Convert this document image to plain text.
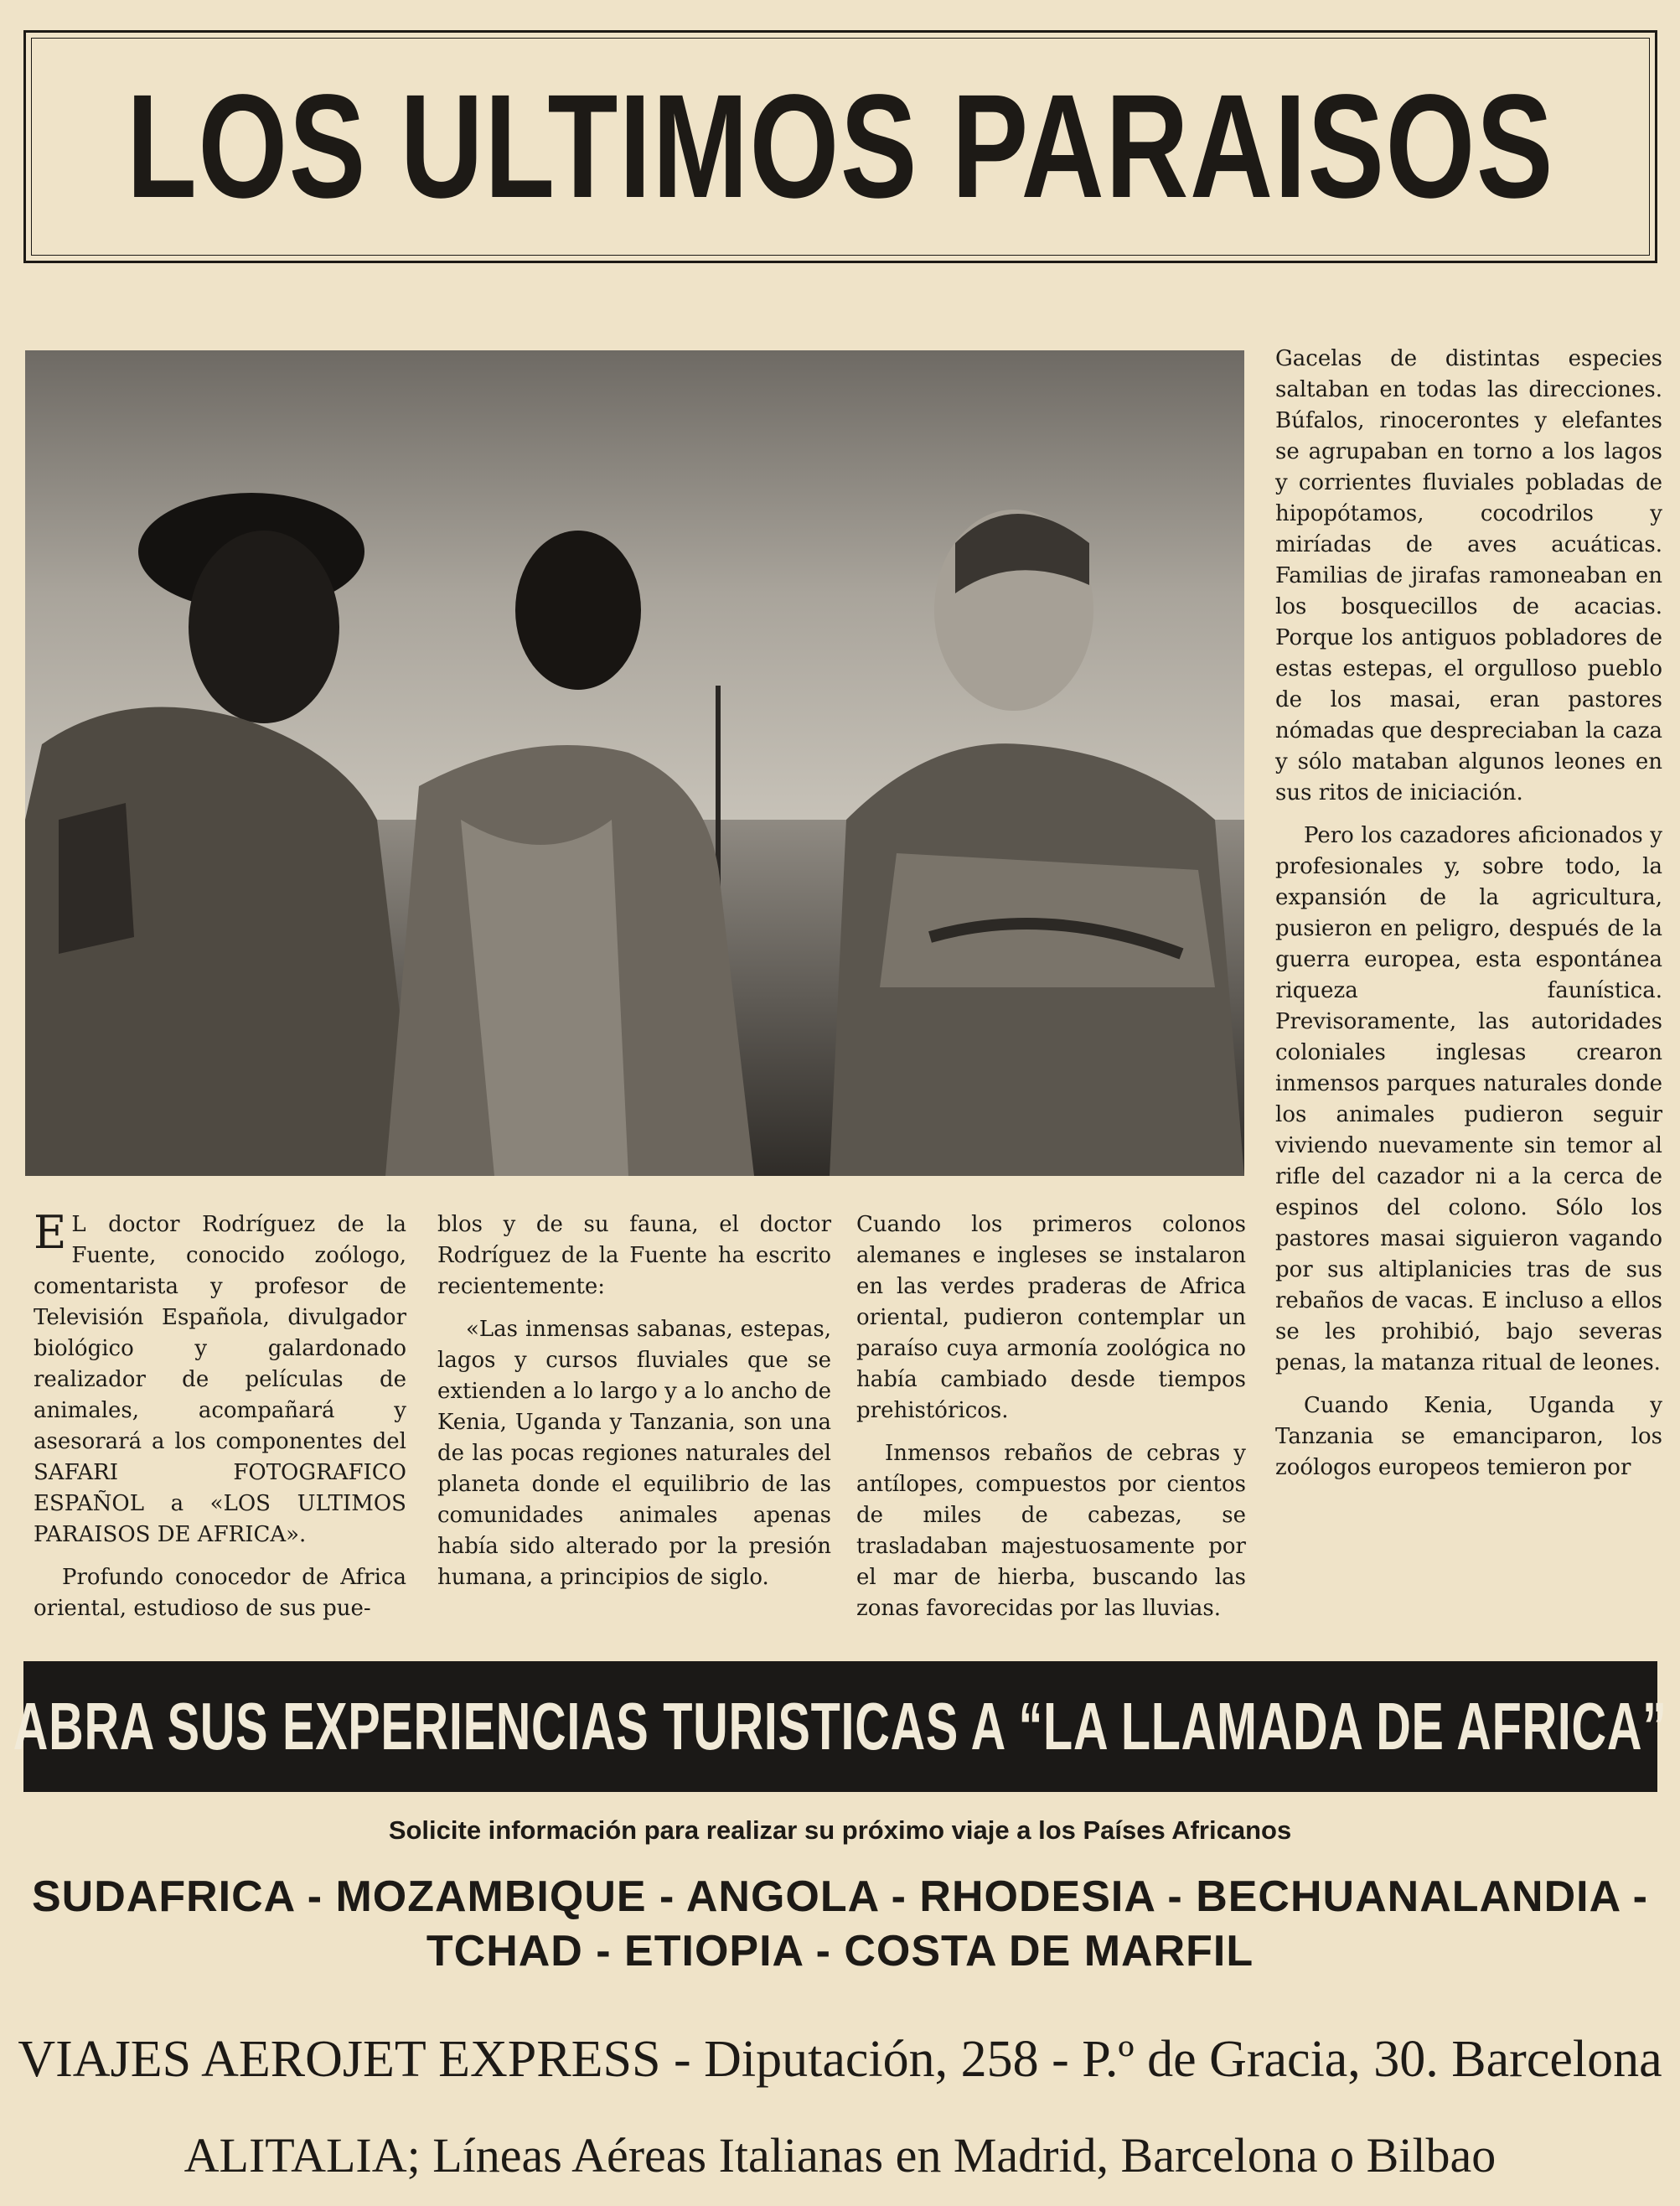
LOS ULTIMOS PARAISOS

E L doctor Rodríguez de la Fuente, conocido zoólogo, comentarista y profesor de Televisión Española, divulgador biológico y galardonado realizador de películas de animales, acompañará y asesorará a los componentes del SAFARI FOTOGRAFICO ESPAÑOL a «LOS ULTIMOS PARAISOS DE AFRICA».

Profundo conocedor de Africa oriental, estudioso de sus pue-

blos y de su fauna, el doctor Rodríguez de la Fuente ha escrito recientemente:

«Las inmensas sabanas, estepas, lagos y cursos fluviales que se extienden a lo largo y a lo ancho de Kenia, Uganda y Tanzania, son una de las pocas regiones naturales del planeta donde el equilibrio de las comunidades animales apenas había sido alterado por la presión humana, a principios de siglo.

Cuando los primeros colonos alemanes e ingleses se instalaron en las verdes praderas de Africa oriental, pudieron contemplar un paraíso cuya armonía zoológica no había cambiado desde tiempos prehistóricos.

Inmensos rebaños de cebras y antílopes, compuestos por cientos de miles de cabezas, se trasladaban majestuosamente por el mar de hierba, buscando las zonas favorecidas por las lluvias.

Gacelas de distintas especies saltaban en todas las direcciones. Búfalos, rinocerontes y elefantes se agrupaban en torno a los lagos y corrientes fluviales pobladas de hipopótamos, cocodrilos y miríadas de aves acuáticas. Familias de jirafas ramoneaban en los bosquecillos de acacias. Porque los antiguos pobladores de estas estepas, el orgulloso pueblo de los masai, eran pastores nómadas que despreciaban la caza y sólo mataban algunos leones en sus ritos de iniciación.

Pero los cazadores aficionados y profesionales y, sobre todo, la expansión de la agricultura, pusieron en peligro, después de la guerra europea, esta espontánea riqueza faunística. Previsoramente, las autoridades coloniales inglesas crearon inmensos parques naturales donde los animales pudieron seguir viviendo nuevamente sin temor al rifle del cazador ni a la cerca de espinos del colono. Sólo los pastores masai siguieron vagando por sus altiplanicies tras de sus rebaños de vacas. E incluso a ellos se les prohibió, bajo severas penas, la matanza ritual de leones.

Cuando Kenia, Uganda y Tanzania se emanciparon, los zoólogos europeos temieron por

ABRA SUS EXPERIENCIAS TURISTICAS A “LA LLAMADA DE AFRICA”
Solicite información para realizar su próximo viaje a los Países Africanos
SUDAFRICA - MOZAMBIQUE - ANGOLA - RHODESIA - BECHUANALANDIA -
TCHAD - ETIOPIA - COSTA DE MARFIL
VIAJES AEROJET EXPRESS - Diputación, 258 - P.º de Gracia, 30. Barcelona
ALITALIA; Líneas Aéreas Italianas en Madrid, Barcelona o Bilbao
